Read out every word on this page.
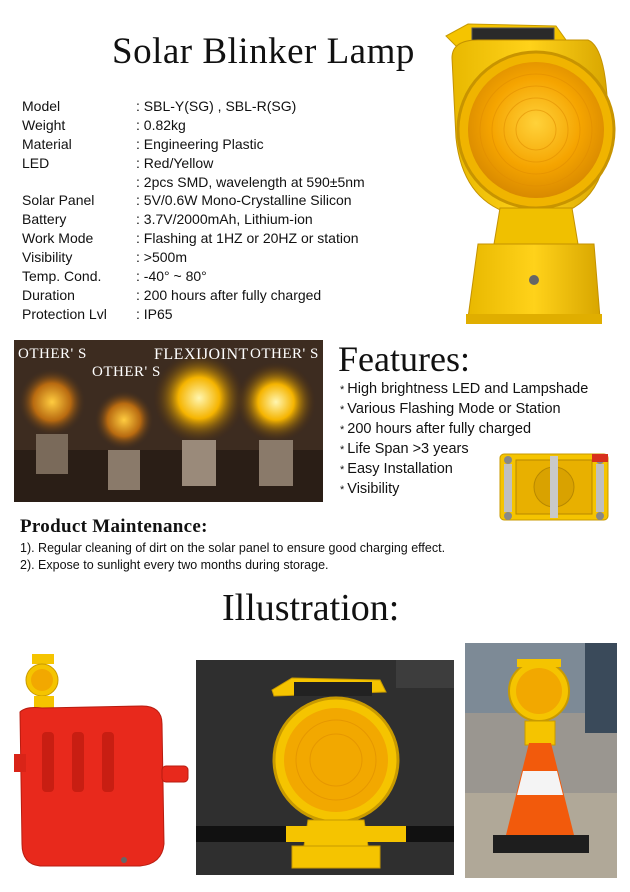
Solar Blinker Lamp
Model	: SBL-Y(SG) , SBL-R(SG)
Weight	: 0.82kg
Material	: Engineering Plastic
LED	: Red/Yellow
: 2pcs SMD, wavelength at 590±5nm
Solar Panel	: 5V/0.6W Mono-Crystalline Silicon
Battery	: 3.7V/2000mAh, Lithium-ion
Work Mode	: Flashing at 1HZ or 20HZ or station
Visibility	: >500m
Temp. Cond.	: -40° ~ 80°
Duration	: 200 hours after fully charged
Protection Lvl	: IP65
OTHER' S
OTHER' S
FLEXIJOINT OTHER' S Features:
* High brightness LED and Lampshade
* Various Flashing Mode or Station
* 200 hours after fully charged
* Life Span >3 years
* Easy Installation
* Visibility
Product Maintenance:
1). Regular cleaning of dirt on the solar panel to ensure good charging effect.
2). Expose to sunlight every two months during storage.
Illustration:
